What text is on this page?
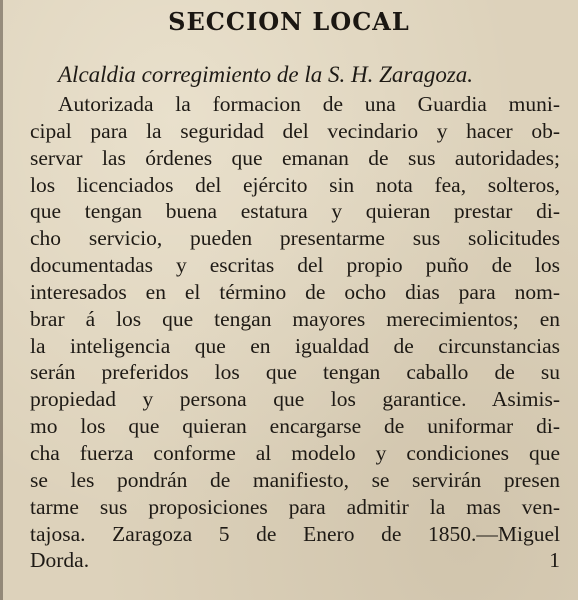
SECCION LOCAL
Alcaldia corregimiento de la S. H. Zaragoza.
Autorizada la formacion de una Guardia muni-
cipal para la seguridad del vecindario y hacer ob-
servar las órdenes que emanan de sus autoridades;
los licenciados del ejército sin nota fea, solteros,
que tengan buena estatura y quieran prestar di-
cho servicio, pueden presentarme sus solicitudes
documentadas y escritas del propio puño de los
interesados en el término de ocho dias para nom-
brar á los que tengan mayores merecimientos; en
la inteligencia que en igualdad de circunstancias
serán preferidos los que tengan caballo de su
propiedad y persona que los garantice. Asimis-
mo los que quieran encargarse de uniformar di-
cha fuerza conforme al modelo y condiciones que
se les pondrán de manifiesto, se servirán presen
tarme sus proposiciones para admitir la mas ven-
tajosa. Zaragoza 5 de Enero de 1850.—Miguel
Dorda.	1
